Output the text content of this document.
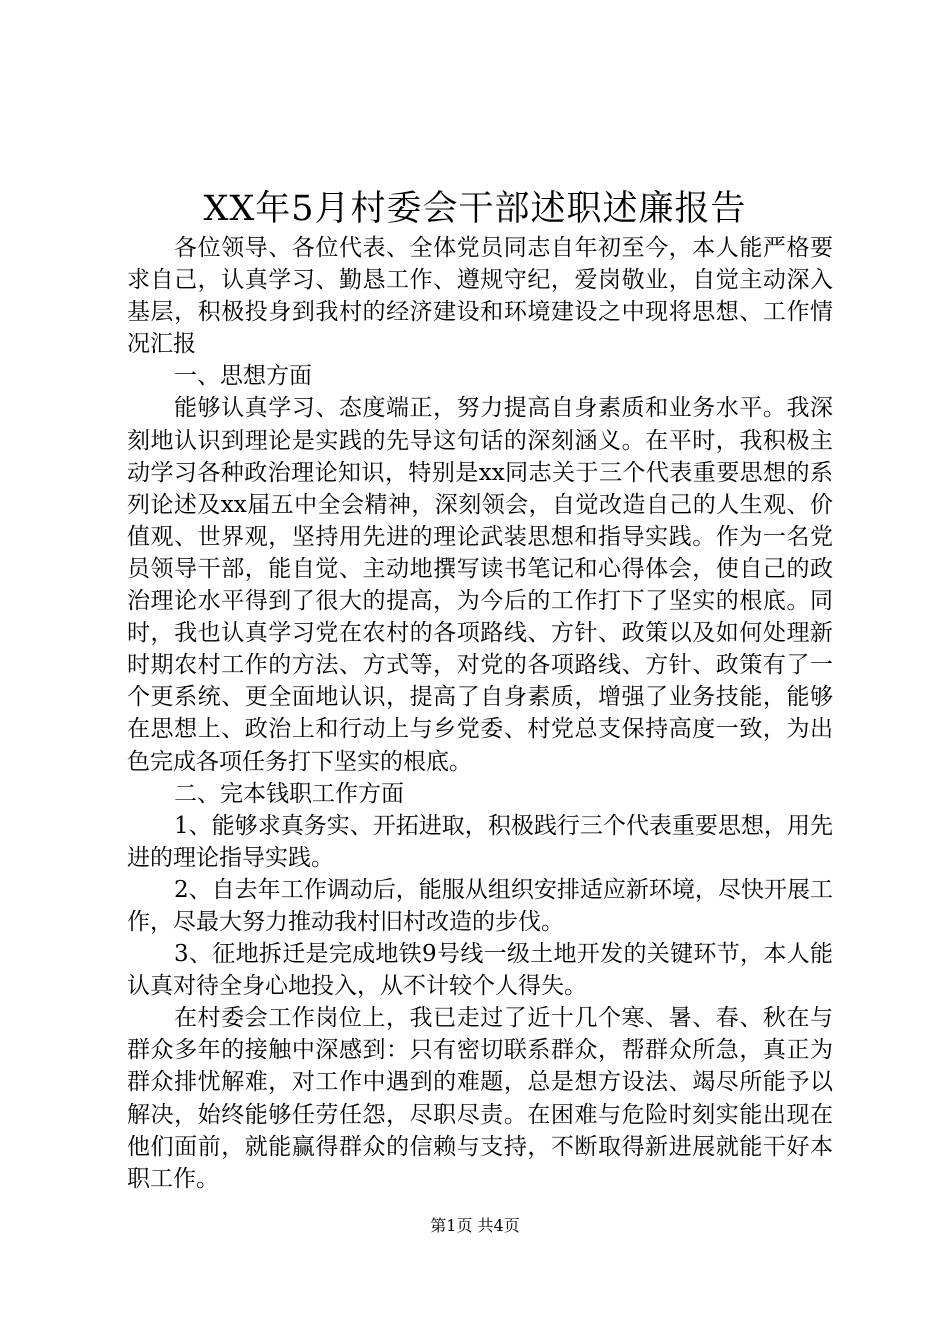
XX年5月村委会干部述职述廉报告

各位领导、各位代表、全体党员同志自年初至今，本人能严格要求自己，认真学习、勤恳工作、遵规守纪，爱岗敬业，自觉主动深入基层，积极投身到我村的经济建设和环境建设之中现将思想、工作情况汇报

一、思想方面

能够认真学习、态度端正，努力提高自身素质和业务水平。我深刻地认识到理论是实践的先导这句话的深刻涵义。在平时，我积极主动学习各种政治理论知识，特别是xx同志关于三个代表重要思想的系列论述及xx届五中全会精神，深刻领会，自觉改造自己的人生观、价值观、世界观，坚持用先进的理论武装思想和指导实践。作为一名党员领导干部，能自觉、主动地撰写读书笔记和心得体会，使自己的政治理论水平得到了很大的提高，为今后的工作打下了坚实的根底。同时，我也认真学习党在农村的各项路线、方针、政策以及如何处理新时期农村工作的方法、方式等，对党的各项路线、方针、政策有了一个更系统、更全面地认识，提高了自身素质，增强了业务技能，能够在思想上、政治上和行动上与乡党委、村党总支保持高度一致，为出色完成各项任务打下坚实的根底。

二、完本钱职工作方面

1、能够求真务实、开拓进取，积极践行三个代表重要思想，用先进的理论指导实践。

2、自去年工作调动后，能服从组织安排适应新环境，尽快开展工作，尽最大努力推动我村旧村改造的步伐。

3、征地拆迁是完成地铁9号线一级土地开发的关键环节，本人能认真对待全身心地投入，从不计较个人得失。

在村委会工作岗位上，我已走过了近十几个寒、暑、春、秋在与群众多年的接触中深感到：只有密切联系群众，帮群众所急，真正为群众排忧解难，对工作中遇到的难题，总是想方设法、竭尽所能予以解决，始终能够任劳任怨，尽职尽责。在困难与危险时刻实能出现在他们面前，就能赢得群众的信赖与支持，不断取得新进展就能干好本职工作。

第1页 共4页
